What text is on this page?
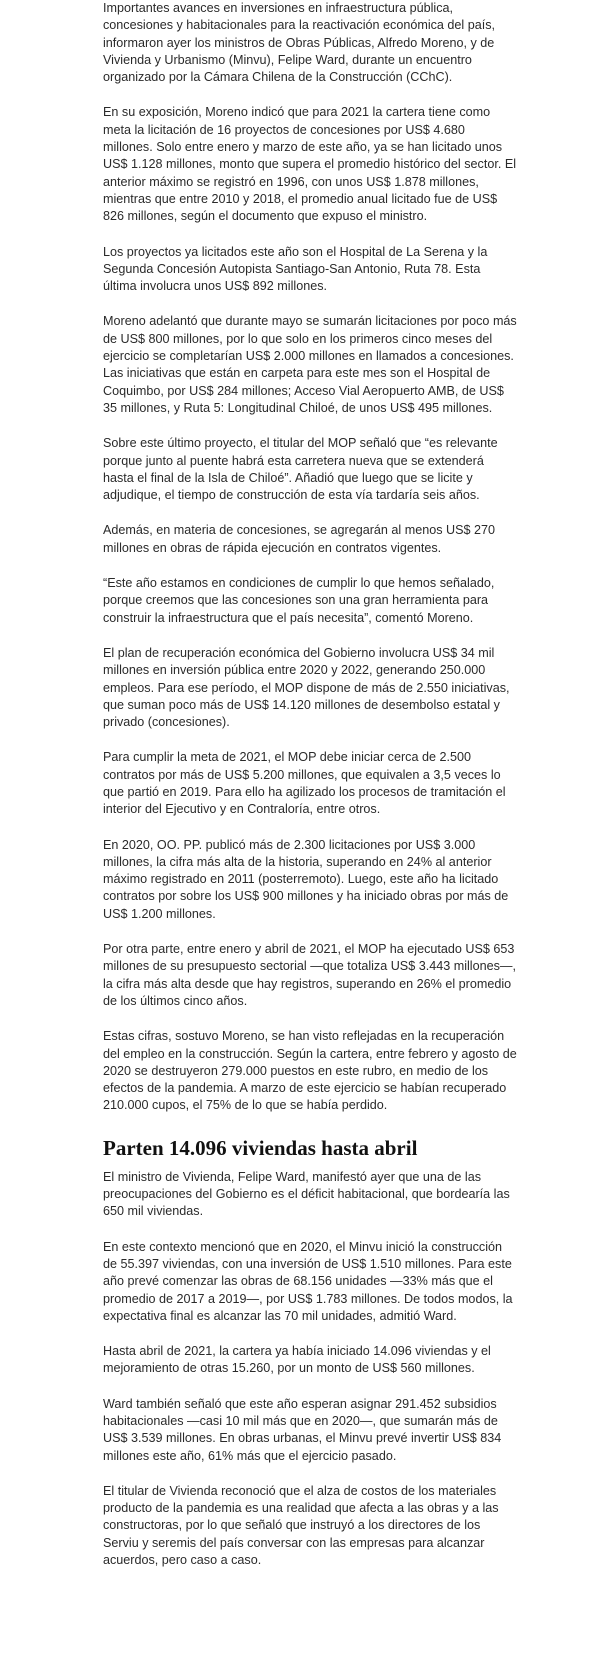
Importantes avances en inversiones en infraestructura pública, concesiones y habitacionales para la reactivación económica del país, informaron ayer los ministros de Obras Públicas, Alfredo Moreno, y de Vivienda y Urbanismo (Minvu), Felipe Ward, durante un encuentro organizado por la Cámara Chilena de la Construcción (CChC).

En su exposición, Moreno indicó que para 2021 la cartera tiene como meta la licitación de 16 proyectos de concesiones por US$ 4.680 millones. Solo entre enero y marzo de este año, ya se han licitado unos US$ 1.128 millones, monto que supera el promedio histórico del sector. El anterior máximo se registró en 1996, con unos US$ 1.878 millones, mientras que entre 2010 y 2018, el promedio anual licitado fue de US$ 826 millones, según el documento que expuso el ministro.

Los proyectos ya licitados este año son el Hospital de La Serena y la Segunda Concesión Autopista Santiago-San Antonio, Ruta 78. Esta última involucra unos US$ 892 millones.

Moreno adelantó que durante mayo se sumarán licitaciones por poco más de US$ 800 millones, por lo que solo en los primeros cinco meses del ejercicio se completarían US$ 2.000 millones en llamados a concesiones. Las iniciativas que están en carpeta para este mes son el Hospital de Coquimbo, por US$ 284 millones; Acceso Vial Aeropuerto AMB, de US$ 35 millones, y Ruta 5: Longitudinal Chiloé, de unos US$ 495 millones.

Sobre este último proyecto, el titular del MOP señaló que “es relevante porque junto al puente habrá esta carretera nueva que se extenderá hasta el final de la Isla de Chiloé”. Añadió que luego que se licite y adjudique, el tiempo de construcción de esta vía tardaría seis años.

Además, en materia de concesiones, se agregarán al menos US$ 270 millones en obras de rápida ejecución en contratos vigentes.

“Este año estamos en condiciones de cumplir lo que hemos señalado, porque creemos que las concesiones son una gran herramienta para construir la infraestructura que el país necesita”, comentó Moreno.

El plan de recuperación económica del Gobierno involucra US$ 34 mil millones en inversión pública entre 2020 y 2022, generando 250.000 empleos. Para ese período, el MOP dispone de más de 2.550 iniciativas, que suman poco más de US$ 14.120 millones de desembolso estatal y privado (concesiones).

Para cumplir la meta de 2021, el MOP debe iniciar cerca de 2.500 contratos por más de US$ 5.200 millones, que equivalen a 3,5 veces lo que partió en 2019. Para ello ha agilizado los procesos de tramitación el interior del Ejecutivo y en Contraloría, entre otros.

En 2020, OO. PP. publicó más de 2.300 licitaciones por US$ 3.000 millones, la cifra más alta de la historia, superando en 24% al anterior máximo registrado en 2011 (posterremoto). Luego, este año ha licitado contratos por sobre los US$ 900 millones y ha iniciado obras por más de US$ 1.200 millones.

Por otra parte, entre enero y abril de 2021, el MOP ha ejecutado US$ 653 millones de su presupuesto sectorial —que totaliza US$ 3.443 millones—, la cifra más alta desde que hay registros, superando en 26% el promedio de los últimos cinco años.

Estas cifras, sostuvo Moreno, se han visto reflejadas en la recuperación del empleo en la construcción. Según la cartera, entre febrero y agosto de 2020 se destruyeron 279.000 puestos en este rubro, en medio de los efectos de la pandemia. A marzo de este ejercicio se habían recuperado 210.000 cupos, el 75% de lo que se había perdido.

Parten 14.096 viviendas hasta abril

El ministro de Vivienda, Felipe Ward, manifestó ayer que una de las preocupaciones del Gobierno es el déficit habitacional, que bordearía las 650 mil viviendas.

En este contexto mencionó que en 2020, el Minvu inició la construcción de 55.397 viviendas, con una inversión de US$ 1.510 millones. Para este año prevé comenzar las obras de 68.156 unidades —33% más que el promedio de 2017 a 2019—, por US$ 1.783 millones. De todos modos, la expectativa final es alcanzar las 70 mil unidades, admitió Ward.

Hasta abril de 2021, la cartera ya había iniciado 14.096 viviendas y el mejoramiento de otras 15.260, por un monto de US$ 560 millones.

Ward también señaló que este año esperan asignar 291.452 subsidios habitacionales —casi 10 mil más que en 2020—, que sumarán más de US$ 3.539 millones. En obras urbanas, el Minvu prevé invertir US$ 834 millones este año, 61% más que el ejercicio pasado.

El titular de Vivienda reconoció que el alza de costos de los materiales producto de la pandemia es una realidad que afecta a las obras y a las constructoras, por lo que señaló que instruyó a los directores de los Serviu y seremis del país conversar con las empresas para alcanzar acuerdos, pero caso a caso.
